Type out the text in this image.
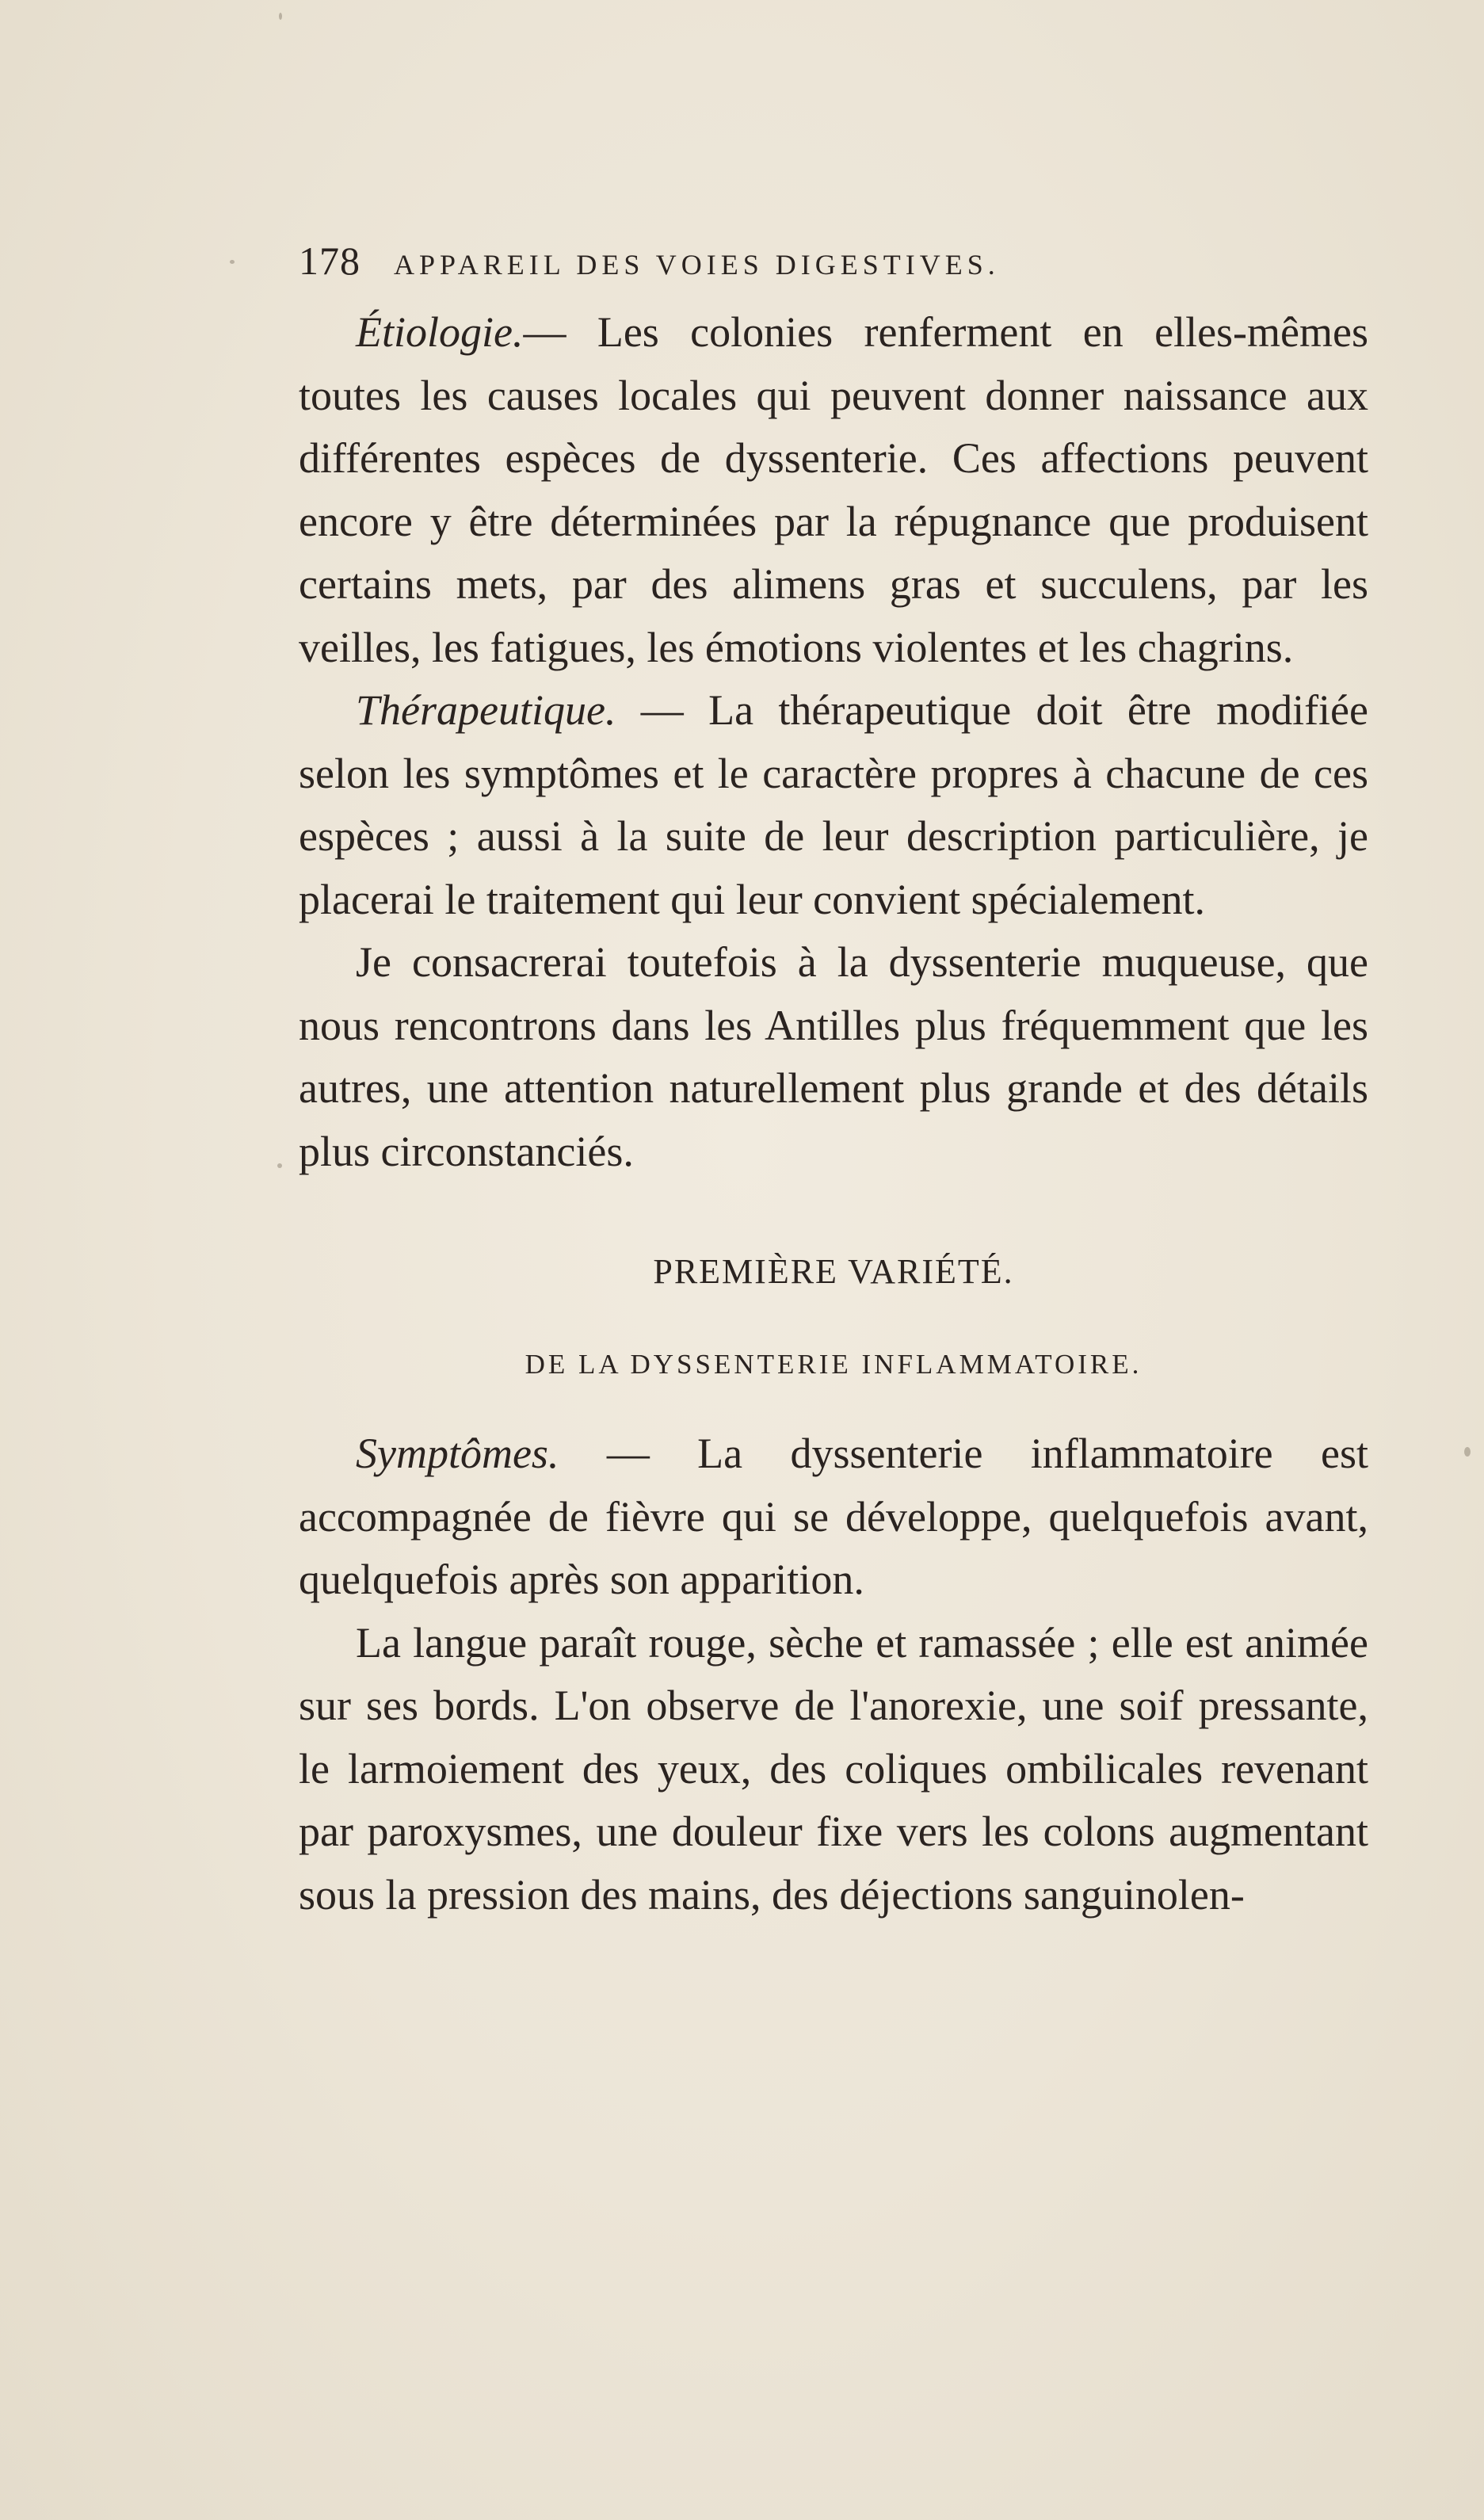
178	APPAREIL DES VOIES DIGESTIVES.

Étiologie.— Les colonies renferment en elles-mêmes toutes les causes locales qui peuvent donner naissance aux différentes espèces de dyssenterie. Ces affections peuvent encore y être déterminées par la répugnance que produisent certains mets, par des alimens gras et succulens, par les veilles, les fatigues, les émotions violentes et les chagrins.

Thérapeutique. — La thérapeutique doit être modifiée selon les symptômes et le caractère propres à chacune de ces espèces ; aussi à la suite de leur description particulière, je placerai le traitement qui leur convient spécialement.

Je consacrerai toutefois à la dyssenterie muqueuse, que nous rencontrons dans les Antilles plus fréquemment que les autres, une attention naturellement plus grande et des détails plus circonstanciés.

PREMIÈRE VARIÉTÉ.
DE LA DYSSENTERIE INFLAMMATOIRE.

Symptômes. — La dyssenterie inflammatoire est accompagnée de fièvre qui se développe, quelquefois avant, quelquefois après son apparition.

La langue paraît rouge, sèche et ramassée ; elle est animée sur ses bords. L'on observe de l'anorexie, une soif pressante, le larmoiement des yeux, des coliques ombilicales revenant par paroxysmes, une douleur fixe vers les colons augmentant sous la pression des mains, des déjections sanguinolen-
